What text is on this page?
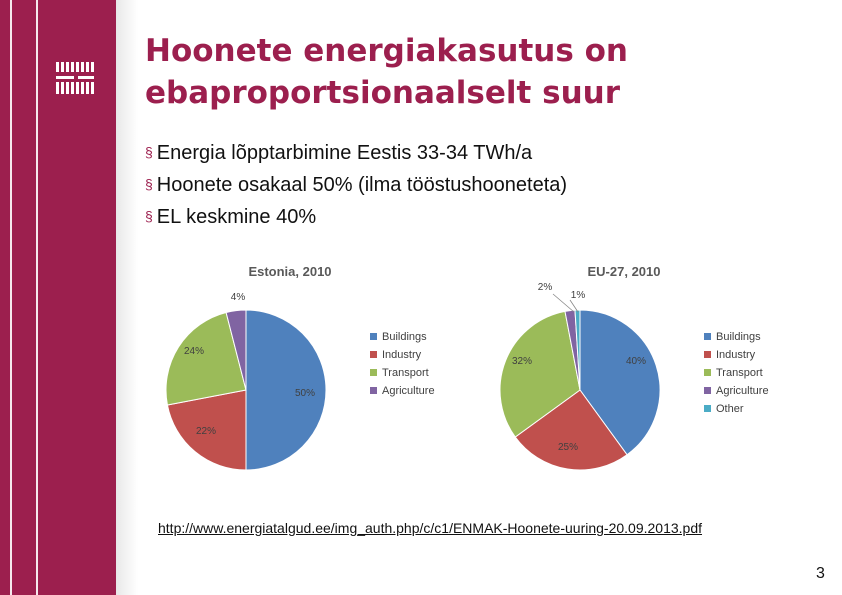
Hoonete energiakasutus on
ebaproportsionaalselt suur
§ Energia lõpptarbimine Eestis 33-34 TWh/a
§ Hoonete osakaal 50% (ilma tööstushooneteta)
§ EL keskmine 40%
50%
22%
24%
4%
Estonia, 2010
Buildings
Industry
Transport
Agriculture
40%
25%
32%
2%
1%
EU-27, 2010
Buildings
Industry
Transport
Agriculture
Other
http://www.energiatalgud.ee/img_auth.php/c/c1/ENMAK-Hoonete-uuring-20.09.2013.pdf
3
